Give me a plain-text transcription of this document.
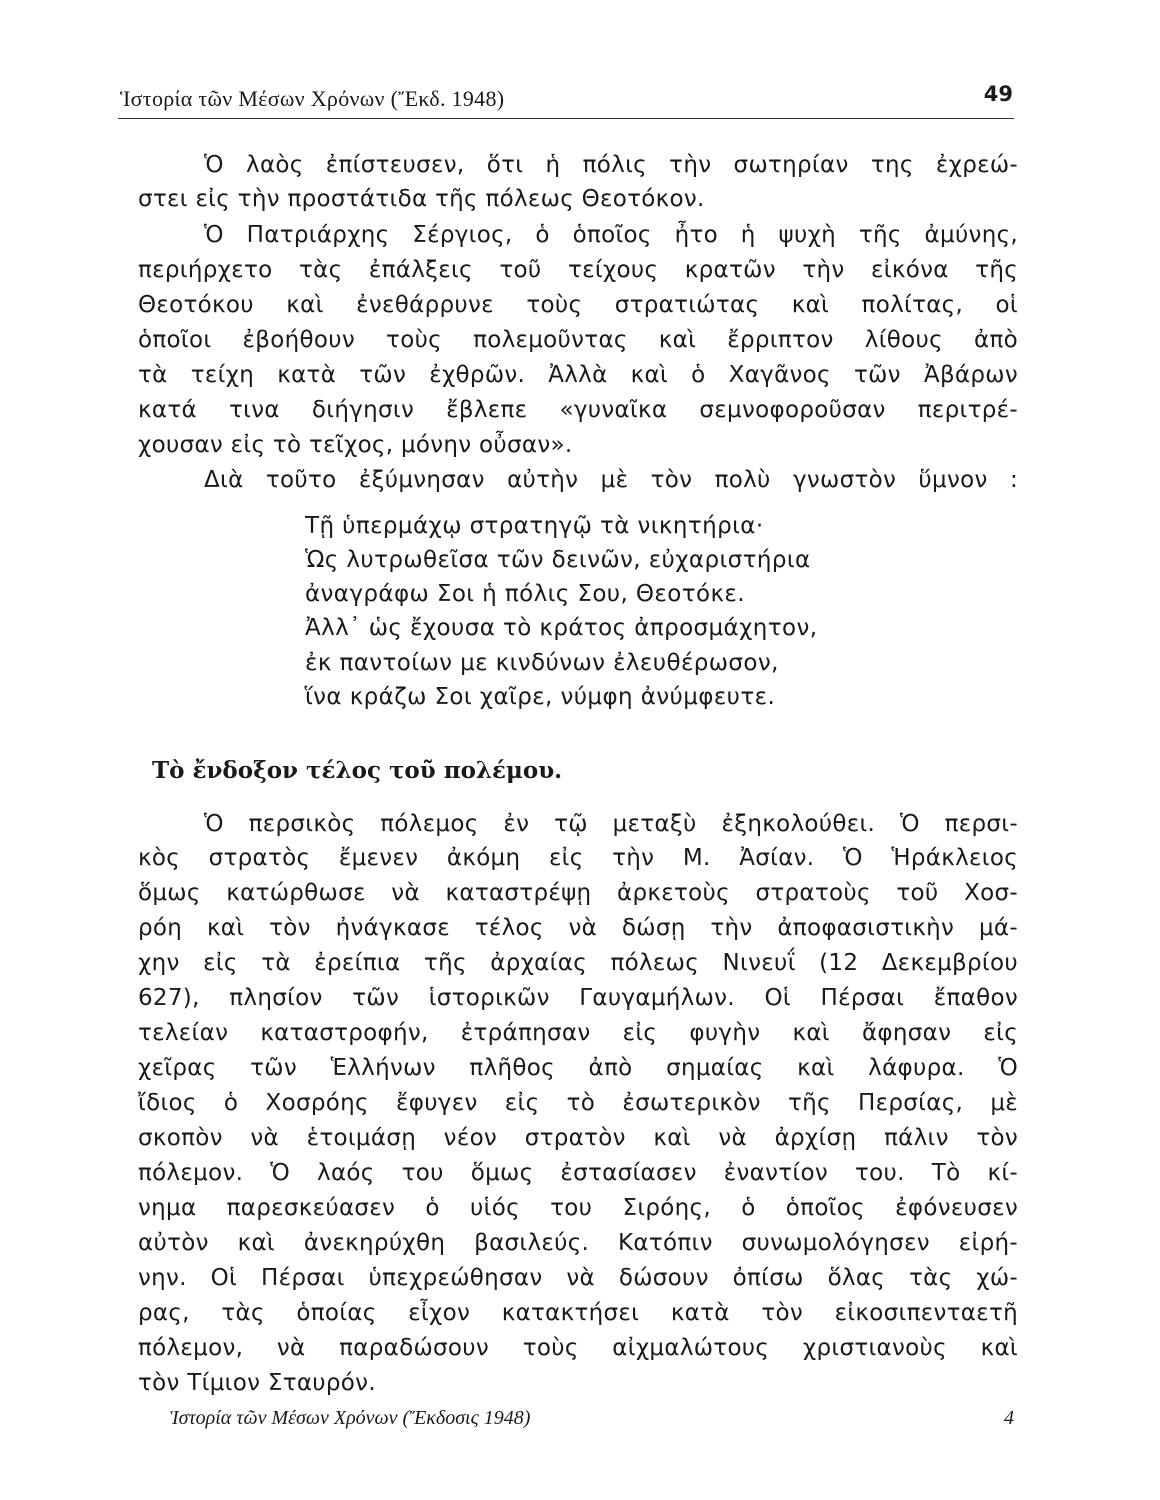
Ἱστορία τῶν Μέσων Χρόνων (Ἔκδ. 1948)	49
Ὁ λαὸς ἐπίστευσεν, ὅτι ἡ πόλις τὴν σωτηρίαν της ἐχρεώ-
στει εἰς τὴν προστάτιδα τῆς πόλεως Θεοτόκον.
Ὁ Πατριάρχης Σέργιος, ὁ ὁποῖος ἦτο ἡ ψυχὴ τῆς ἀμύνης,
περιήρχετο τὰς ἐπάλξεις τοῦ τείχους κρατῶν τὴν εἰκόνα τῆς
Θεοτόκου καὶ ἐνεθάρρυνε τοὺς στρατιώτας καὶ πολίτας, οἱ
ὁποῖοι ἐβοήθουν τοὺς πολεμοῦντας καὶ ἔρριπτον λίθους ἀπὸ
τὰ τείχη κατὰ τῶν ἐχθρῶν. Ἀλλὰ καὶ ὁ Χαγᾶνος τῶν Ἀβάρων
κατά τινα διήγησιν ἔβλεπε «γυναῖκα σεμνοφοροῦσαν περιτρέ-
χουσαν εἰς τὸ τεῖχος, μόνην οὖσαν».
Διὰ τοῦτο ἐξύμνησαν αὐτὴν μὲ τὸν πολὺ γνωστὸν ὕμνον :
Τῇ ὑπερμάχῳ στρατηγῷ τὰ νικητήρια·
Ὡς λυτρωθεῖσα τῶν δεινῶν, εὐχαριστήρια
ἀναγράφω Σοι ἡ πόλις Σου, Θεοτόκε.
Ἀλλ᾽ ὡς ἔχουσα τὸ κράτος ἀπροσμάχητον,
ἐκ παντοίων με κινδύνων ἐλευθέρωσον,
ἵνα κράζω Σοι χαῖρε, νύμφη ἀνύμφευτε.
Τὸ ἔνδοξον τέλος τοῦ πολέμου.
Ὁ περσικὸς πόλεμος ἐν τῷ μεταξὺ ἐξηκολούθει. Ὁ περσι-
κὸς στρατὸς ἔμενεν ἀκόμη εἰς τὴν Μ. Ἀσίαν. Ὁ Ἡράκλειος
ὅμως κατώρθωσε νὰ καταστρέψῃ ἀρκετοὺς στρατοὺς τοῦ Χοσ-
ρόη καὶ τὸν ἠνάγκασε τέλος νὰ δώσῃ τὴν ἀποφασιστικὴν μά-
χην εἰς τὰ ἐρείπια τῆς ἀρχαίας πόλεως Νινευΐ (12 Δεκεμβρίου
627), πλησίον τῶν ἱστορικῶν Γαυγαμήλων. Οἱ Πέρσαι ἔπαθον
τελείαν καταστροφήν, ἐτράπησαν εἰς φυγὴν καὶ ἄφησαν εἰς
χεῖρας τῶν Ἑλλήνων πλῆθος ἀπὸ σημαίας καὶ λάφυρα. Ὁ
ἴδιος ὁ Χοσρόης ἔφυγεν εἰς τὸ ἐσωτερικὸν τῆς Περσίας, μὲ
σκοπὸν νὰ ἑτοιμάσῃ νέον στρατὸν καὶ νὰ ἀρχίσῃ πάλιν τὸν
πόλεμον. Ὁ λαός του ὅμως ἐστασίασεν ἐναντίον του. Τὸ κί-
νημα παρεσκεύασεν ὁ υἱός του Σιρόης, ὁ ὁποῖος ἐφόνευσεν
αὐτὸν καὶ ἀνεκηρύχθη βασιλεύς. Κατόπιν συνωμολόγησεν εἰρή-
νην. Οἱ Πέρσαι ὑπεχρεώθησαν νὰ δώσουν ὀπίσω ὅλας τὰς χώ-
ρας, τὰς ὁποίας εἶχον κατακτήσει κατὰ τὸν εἰκοσιπενταετῆ
πόλεμον, νὰ παραδώσουν τοὺς αἰχμαλώτους χριστιανοὺς καὶ
τὸν Τίμιον Σταυρόν.
Ἱστορία τῶν Μέσων Χρόνων (Ἔκδοσις 1948)	4
